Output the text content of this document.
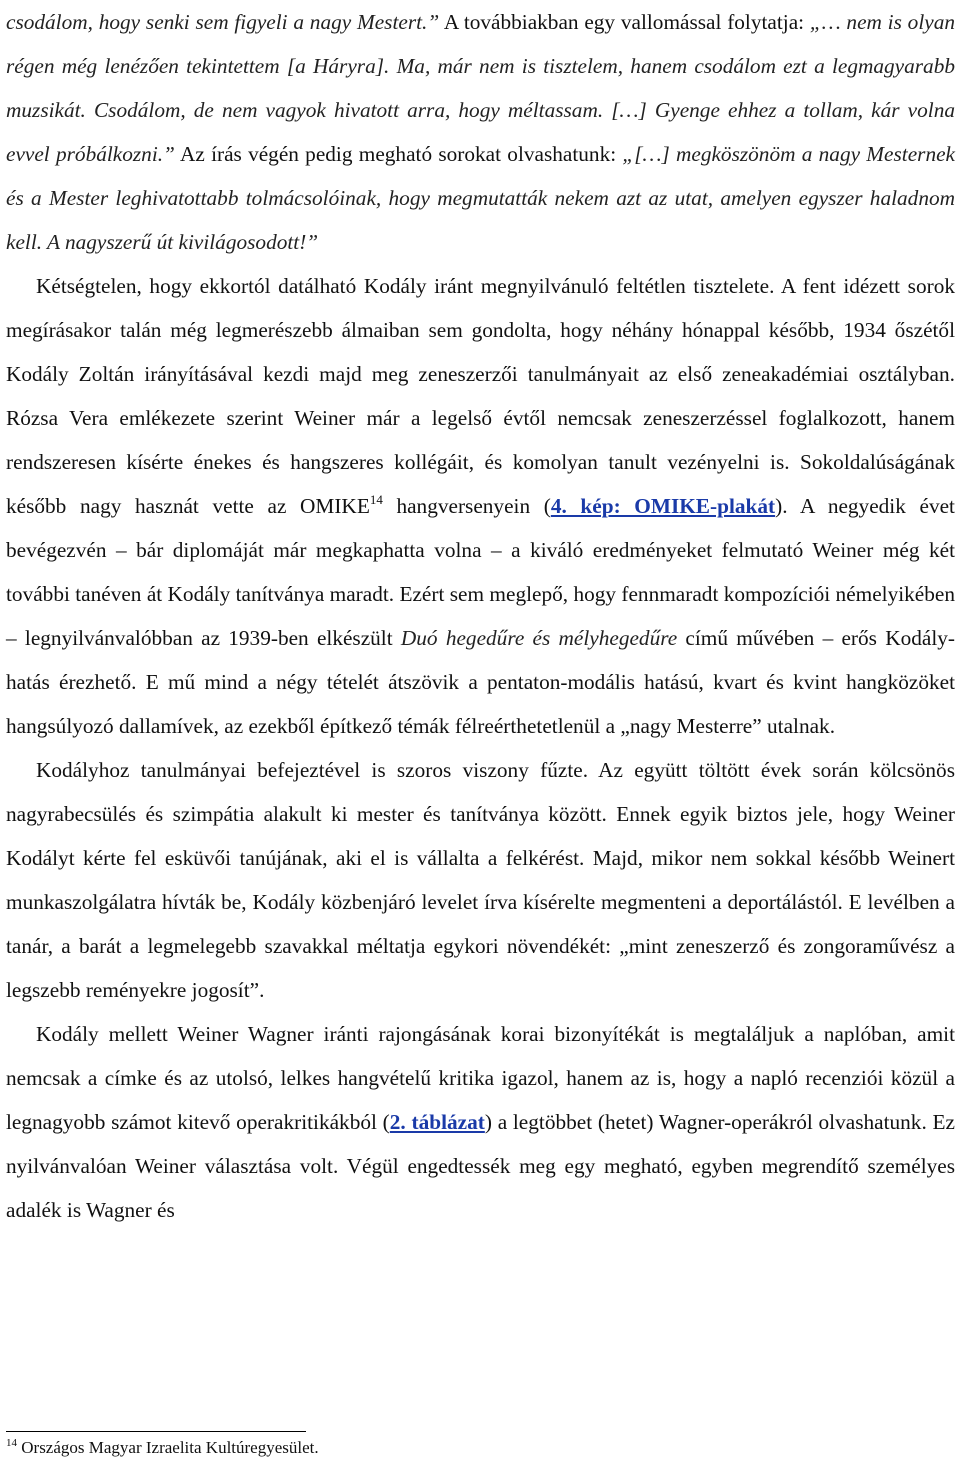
csodálom, hogy senki sem figyeli a nagy Mestert.” A továbbiakban egy vallomással folytatja: „… nem is olyan régen még lenézően tekintettem [a Háryra]. Ma, már nem is tisztelem, hanem csodálom ezt a legmagyarabb muzsikát. Csodálom, de nem vagyok hivatott arra, hogy méltassam. […] Gyenge ehhez a tollam, kár volna evvel próbálkozni.” Az írás végén pedig megható sorokat olvashatunk: „[…] megköszönöm a nagy Mesternek és a Mester leghivatottabb tolmácsolóinak, hogy megmutatták nekem azt az utat, amelyen egyszer haladnom kell. A nagyszerű út kivilágosodott!”

Kétségtelen, hogy ekkortól datálható Kodály iránt megnyilvánuló feltétlen tisztelete. A fent idézett sorok megírásakor talán még legmerészebb álmaiban sem gondolta, hogy néhány hónappal később, 1934 őszétől Kodály Zoltán irányításával kezdi majd meg zeneszerzői tanulmányait az első zeneakadémiai osztályban. Rózsa Vera emlékezete szerint Weiner már a legelső évtől nemcsak zeneszerzéssel foglalkozott, hanem rendszeresen kísérte énekes és hangszeres kollégáit, és komolyan tanult vezényelni is. Sokoldalúságának később nagy hasznát vette az OMIKE$^{14}$ hangversenyein (4. kép: OMIKE-plakát). A negyedik évet bevégezvén – bár diplomáját már megkaphatta volna – a kiváló eredményeket felmutató Weiner még két további tanéven át Kodály tanítványa maradt. Ezért sem meglepő, hogy fennmaradt kompozíciói némelyikében – legnyilvánvalóbban az 1939-ben elkészült Duó hegedűre és mélyhegedűre című művében – erős Kodály-hatás érezhető. E mű mind a négy tételét átszövik a pentaton-modális hatású, kvart és kvint hangközöket hangsúlyozó dallamívek, az ezekből építkező témák félreérthetetlenül a „nagy Mesterre” utalnak.

Kodályhoz tanulmányai befejeztével is szoros viszony fűzte. Az együtt töltött évek során kölcsönös nagyrabecsülés és szimpátia alakult ki mester és tanítványa között. Ennek egyik biztos jele, hogy Weiner Kodályt kérte fel esküvői tanújának, aki el is vállalta a felkérést. Majd, mikor nem sokkal később Weinert munkaszolgálatra hívták be, Kodály közbenjáró levelet írva kísérelte megmenteni a deportálástól. E levélben a tanár, a barát a legmelegebb szavakkal méltatja egykori növendékét: „mint zeneszerző és zongoraművész a legszebb reményekre jogosít”.

Kodály mellett Weiner Wagner iránti rajongásának korai bizonyítékát is megtaláljuk a naplóban, amit nemcsak a címke és az utolsó, lelkes hangvételű kritika igazol, hanem az is, hogy a napló recenziói közül a legnagyobb számot kitevő operakritikákból (2. táblázat) a legtöbbet (hetet) Wagner-operákról olvashatunk. Ez nyilvánvalóan Weiner választása volt. Végül engedtessék meg egy megható, egyben megrendítő személyes adalék is Wagner és

$^{14}$ Országos Magyar Izraelita Kultúregyesület.
